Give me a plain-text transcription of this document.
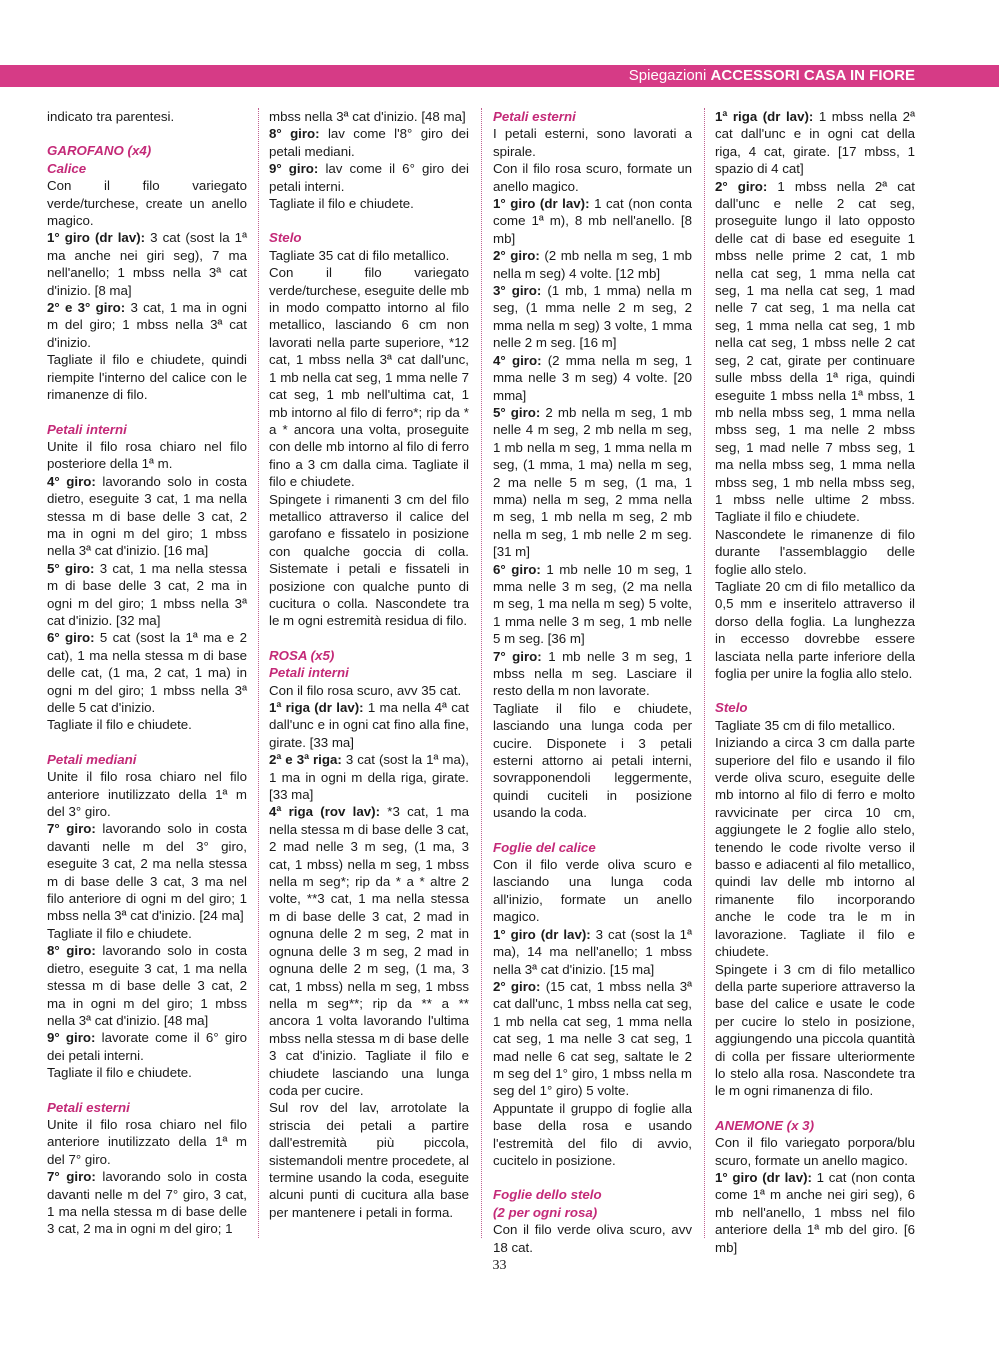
Spiegazioni ACCESSORI CASA IN FIORE

indicato tra parentesi.

GAROFANO (x4)

Calice

Con il filo variegato verde/turchese, create un anello magico.

1° giro (dr lav): 3 cat (sost la 1ª ma anche nei giri seg), 7 ma nell'anello; 1 mbss nella 3ª cat d'inizio. [8 ma]

2° e 3° giro: 3 cat, 1 ma in ogni m del giro; 1 mbss nella 3ª cat d'inizio.

Tagliate il filo e chiudete, quindi riempite l'interno del calice con le rimanenze di filo.

Petali interni

Unite il filo rosa chiaro nel filo posteriore della 1ª m.

4° giro: lavorando solo in costa dietro, eseguite 3 cat, 1 ma nella stessa m di base delle 3 cat, 2 ma in ogni m del giro; 1 mbss nella 3ª cat d'inizio. [16 ma]

5° giro: 3 cat, 1 ma nella stessa m di base delle 3 cat, 2 ma in ogni m del giro; 1 mbss nella 3ª cat d'inizio. [32 ma]

6° giro: 5 cat (sost la 1ª ma e 2 cat), 1 ma nella stessa m di base delle cat, (1 ma, 2 cat, 1 ma) in ogni m del giro; 1 mbss nella 3ª delle 5 cat d'inizio.

Tagliate il filo e chiudete.

Petali mediani

Unite il filo rosa chiaro nel filo anteriore inutilizzato della 1ª m del 3° giro.

7° giro: lavorando solo in costa davanti nelle m del 3° giro, eseguite 3 cat, 2 ma nella stessa m di base delle 3 cat, 3 ma nel filo anteriore di ogni m del giro; 1 mbss nella 3ª cat d'inizio. [24 ma]

Tagliate il filo e chiudete.

8° giro: lavorando solo in costa dietro, eseguite 3 cat, 1 ma nella stessa m di base delle 3 cat, 2 ma in ogni m del giro; 1 mbss nella 3ª cat d'inizio. [48 ma]

9° giro: lavorate come il 6° giro dei petali interni.

Tagliate il filo e chiudete.

Petali esterni

Unite il filo rosa chiaro nel filo anteriore inutilizzato della 1ª m del 7° giro.

7° giro: lavorando solo in costa davanti nelle m del 7° giro, 3 cat, 1 ma nella stessa m di base delle 3 cat, 2 ma in ogni m del giro; 1

mbss nella 3ª cat d'inizio. [48 ma]

8° giro: lav come l'8° giro dei petali mediani.

9° giro: lav come il 6° giro dei petali interni.

Tagliate il filo e chiudete.

Stelo

Tagliate 35 cat di filo metallico.

Con il filo variegato verde/turchese, eseguite delle mb in modo compatto intorno al filo metallico, lasciando 6 cm non lavorati nella parte superiore, *12 cat, 1 mbss nella 3ª cat dall'unc, 1 mb nella cat seg, 1 mma nelle 7 cat seg, 1 mb nell'ultima cat, 1 mb intorno al filo di ferro*; rip da * a * ancora una volta, proseguite con delle mb intorno al filo di ferro fino a 3 cm dalla cima. Tagliate il filo e chiudete.

Spingete i rimanenti 3 cm del filo metallico attraverso il calice del garofano e fissatelo in posizione con qualche goccia di colla. Sistemate i petali e fissateli in posizione con qualche punto di cucitura o colla. Nascondete tra le m ogni estremità residua di filo.

ROSA (x5)

Petali interni

Con il filo rosa scuro, avv 35 cat.

1ª riga (dr lav): 1 ma nella 4ª cat dall'unc e in ogni cat fino alla fine, girate. [33 ma]

2ª e 3ª riga: 3 cat (sost la 1ª ma), 1 ma in ogni m della riga, girate. [33 ma]

4ª riga (rov lav): *3 cat, 1 ma nella stessa m di base delle 3 cat, 2 mad nelle 3 m seg, (1 ma, 3 cat, 1 mbss) nella m seg, 1 mbss nella m seg*; rip da * a * altre 2 volte, **3 cat, 1 ma nella stessa m di base delle 3 cat, 2 mad in ognuna delle 2 m seg, 2 mat in ognuna delle 3 m seg, 2 mad in ognuna delle 2 m seg, (1 ma, 3 cat, 1 mbss) nella m seg, 1 mbss nella m seg**; rip da ** a ** ancora 1 volta lavorando l'ultima mbss nella stessa m di base delle 3 cat d'inizio. Tagliate il filo e chiudete lasciando una lunga coda per cucire.

Sul rov del lav, arrotolate la striscia dei petali a partire dall'estremità più piccola, sistemandoli mentre procedete, al termine usando la coda, eseguite alcuni punti di cucitura alla base per mantenere i petali in forma.

Petali esterni

I petali esterni, sono lavorati a spirale.

Con il filo rosa scuro, formate un anello magico.

1° giro (dr lav): 1 cat (non conta come 1ª m), 8 mb nell'anello. [8 mb]

2° giro: (2 mb nella m seg, 1 mb nella m seg) 4 volte. [12 mb]

3° giro: (1 mb, 1 mma) nella m seg, (1 mma nelle 2 m seg, 2 mma nella m seg) 3 volte, 1 mma nelle 2 m seg. [16 m]

4° giro: (2 mma nella m seg, 1 mma nelle 3 m seg) 4 volte. [20 mma]

5° giro: 2 mb nella m seg, 1 mb nelle 4 m seg, 2 mb nella m seg, 1 mb nella m seg, 1 mma nella m seg, (1 mma, 1 ma) nella m seg, 2 ma nelle 5 m seg, (1 ma, 1 mma) nella m seg, 2 mma nella m seg, 1 mb nella m seg, 2 mb nella m seg, 1 mb nelle 2 m seg. [31 m]

6° giro: 1 mb nelle 10 m seg, 1 mma nelle 3 m seg, (2 ma nella m seg, 1 ma nella m seg) 5 volte, 1 mma nelle 3 m seg, 1 mb nelle 5 m seg. [36 m]

7° giro: 1 mb nelle 3 m seg, 1 mbss nella m seg. Lasciare il resto della m non lavorate.

Tagliate il filo e chiudete, lasciando una lunga coda per cucire. Disponete i 3 petali esterni attorno ai petali interni, sovrapponendoli leggermente, quindi cuciteli in posizione usando la coda.

Foglie del calice

Con il filo verde oliva scuro e lasciando una lunga coda all'inizio, formate un anello magico.

1° giro (dr lav): 3 cat (sost la 1ª ma), 14 ma nell'anello; 1 mbss nella 3ª cat d'inizio. [15 ma]

2° giro: (15 cat, 1 mbss nella 3ª cat dall'unc, 1 mbss nella cat seg, 1 mb nella cat seg, 1 mma nella cat seg, 1 ma nelle 3 cat seg, 1 mad nelle 6 cat seg, saltate le 2 m seg del 1° giro, 1 mbss nella m seg del 1° giro) 5 volte.

Appuntate il gruppo di foglie alla base della rosa e usando l'estremità del filo di avvio, cucitelo in posizione.

Foglie dello stelo

(2 per ogni rosa)

Con il filo verde oliva scuro, avv 18 cat.

1ª riga (dr lav): 1 mbss nella 2ª cat dall'unc e in ogni cat della riga, 4 cat, girate. [17 mbss, 1 spazio di 4 cat]

2° giro: 1 mbss nella 2ª cat dall'unc e nelle 2 cat seg, proseguite lungo il lato opposto delle cat di base ed eseguite 1 mbss nelle prime 2 cat, 1 mb nella cat seg, 1 mma nella cat seg, 1 ma nella cat seg, 1 mad nelle 7 cat seg, 1 ma nella cat seg, 1 mma nella cat seg, 1 mb nella cat seg, 1 mbss nelle 2 cat seg, 2 cat, girate per continuare sulle mbss della 1ª riga, quindi eseguite 1 mbss nella 1ª mbss, 1 mb nella mbss seg, 1 mma nella mbss seg, 1 ma nelle 2 mbss seg, 1 mad nelle 7 mbss seg, 1 ma nella mbss seg, 1 mma nella mbss seg, 1 mb nella mbss seg, 1 mbss nelle ultime 2 mbss. Tagliate il filo e chiudete.

Nascondete le rimanenze di filo durante l'assemblaggio delle foglie allo stelo.

Tagliate 20 cm di filo metallico da 0,5 mm e inseritelo attraverso il dorso della foglia. La lunghezza in eccesso dovrebbe essere lasciata nella parte inferiore della foglia per unire la foglia allo stelo.

Stelo

Tagliate 35 cm di filo metallico.

Iniziando a circa 3 cm dalla parte superiore del filo e usando il filo verde oliva scuro, eseguite delle mb intorno al filo di ferro e molto ravvicinate per circa 10 cm, aggiungete le 2 foglie allo stelo, tenendo le code rivolte verso il basso e adiacenti al filo metallico, quindi lav delle mb intorno al rimanente filo incorporando anche le code tra le m in lavorazione. Tagliate il filo e chiudete.

Spingete i 3 cm di filo metallico della parte superiore attraverso la base del calice e usate le code per cucire lo stelo in posizione, aggiungendo una piccola quantità di colla per fissare ulteriormente lo stelo alla rosa. Nascondete tra le m ogni rimanenza di filo.

ANEMONE (x 3)

Con il filo variegato porpora/blu scuro, formate un anello magico.

1° giro (dr lav): 1 cat (non conta come 1ª m anche nei giri seg), 6 mb nell'anello, 1 mbss nel filo anteriore della 1ª mb del giro. [6 mb]

33
